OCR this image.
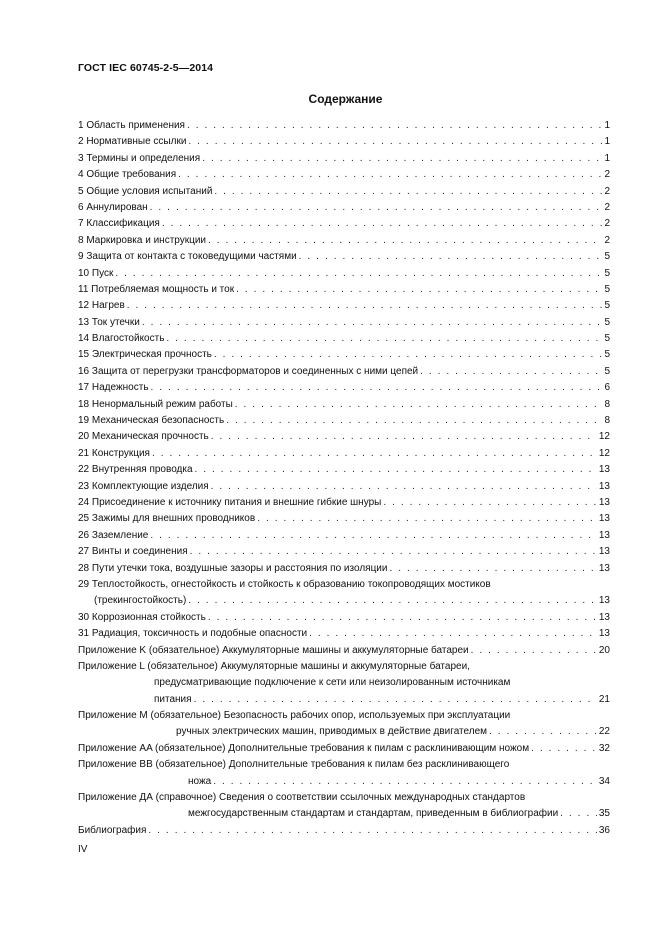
ГОСТ IEC 60745-2-5—2014
Содержание
1 Область применения . . .	1
2 Нормативные ссылки . . .	1
3 Термины и определения . . .	1
4 Общие требования . . .	2
5 Общие условия испытаний . . .	2
6 Аннулирован . . .	2
7 Классификация . . .	2
8 Маркировка и инструкции . . .	2
9 Защита от контакта с токоведущими частями . . .	5
10 Пуск . . .	5
11 Потребляемая мощность и ток . . .	5
12 Нагрев . . .	5
13 Ток утечки . . .	5
14 Влагостойкость . . .	5
15 Электрическая прочность . . .	5
16 Защита от перегрузки трансформаторов и соединенных с ними цепей . . .	5
17 Надежность . . .	6
18 Ненормальный режим работы . . .	8
19 Механическая безопасность . . .	8
20 Механическая прочность . . .	12
21 Конструкция . . .	12
22 Внутренняя проводка . . .	13
23 Комплектующие изделия . . .	13
24 Присоединение к источнику питания и внешние гибкие шнуры . . .	13
25 Зажимы для внешних проводников . . .	13
26 Заземление . . .	13
27 Винты и соединения . . .	13
28 Пути утечки тока, воздушные зазоры и расстояния по изоляции . . .	13
29 Теплостойкость, огнестойкость и стойкость к образованию токопроводящих мостиков
(трекингостойкость) . . .	13
30 Коррозионная стойкость . . .	13
31 Радиация, токсичность и подобные опасности . . .	13
Приложение K (обязательное) Аккумуляторные машины и аккумуляторные батареи . . .	20
Приложение L (обязательное) Аккумуляторные машины и аккумуляторные батареи,
предусматривающие подключение к сети или неизолированным источникам
питания . . .	21
Приложение M (обязательное) Безопасность рабочих опор, используемых при эксплуатации
ручных электрических машин, приводимых в действие двигателем . . .	22
Приложение AA (обязательное) Дополнительные требования к пилам с расклинивающим ножом . . .	32
Приложение BB (обязательное) Дополнительные требования к пилам без расклинивающего
ножа . . .	34
Приложение ДА (справочное) Сведения о соответствии ссылочных международных стандартов
межгосударственным стандартам и стандартам, приведенным в библиографии . . .	35
Библиография . . .	36
IV
